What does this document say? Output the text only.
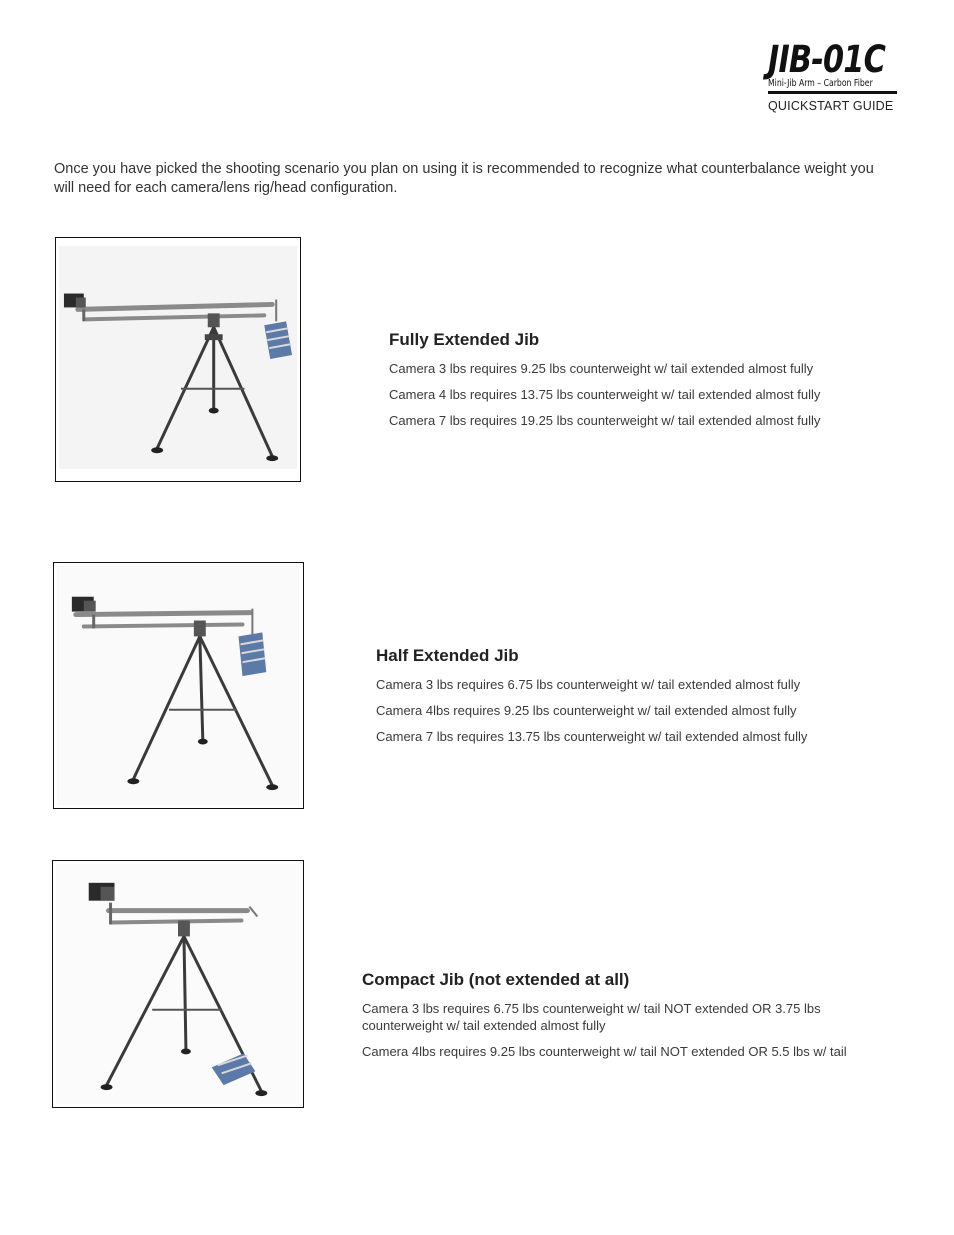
JIB-01C
Mini-Jib Arm – Carbon Fiber
QUICKSTART GUIDE
Once you have picked the shooting scenario you plan on using it is recommended to recognize what counterbalance weight you will need for each camera/lens rig/head configuration.
Fully Extended Jib

Camera 3 lbs requires 9.25 lbs counterweight w/ tail extended almost fully

Camera 4 lbs requires 13.75 lbs counterweight w/ tail extended almost fully

Camera 7 lbs requires 19.25 lbs counterweight w/ tail extended almost fully

Half Extended Jib

Camera 3 lbs requires 6.75 lbs counterweight w/ tail extended almost fully

Camera 4lbs requires 9.25 lbs counterweight w/ tail extended almost fully

Camera 7 lbs requires 13.75 lbs counterweight w/ tail extended almost fully

Compact Jib (not extended at all)

Camera 3 lbs requires 6.75 lbs counterweight w/ tail NOT extended OR 3.75 lbs counterweight w/ tail extended almost fully

Camera 4lbs requires 9.25 lbs counterweight w/ tail NOT extended OR 5.5 lbs w/ tail
